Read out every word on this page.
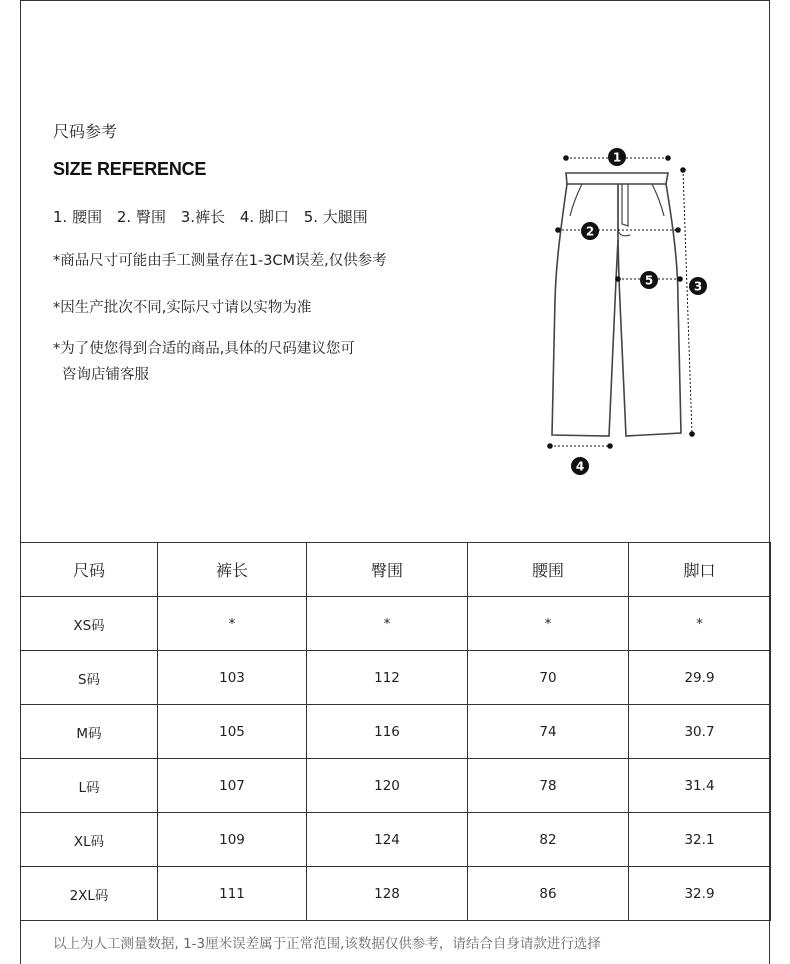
尺码参考
SIZE REFERENCE
1. 腰围 2. 臀围 3.裤长 4. 脚口 5. 大腿围
*商品尺寸可能由手工测量存在1-3CM误差,仅供参考
*因生产批次不同,实际尺寸请以实物为准
*为了使您得到合适的商品,具体的尺码建议您可
咨询店铺客服
1
2
3
4
5
尺码	裤长	臀围	腰围	脚口
XS码	*	*	*	*
S码	103	112	70	29.9
M码	105	116	74	30.7
L码	107	120	78	31.4
XL码	109	124	82	32.1
2XL码	111	128	86	32.9
以上为人工测量数据, 1-3厘米误差属于正常范围,该数据仅供参考，请结合自身请款进行选择
